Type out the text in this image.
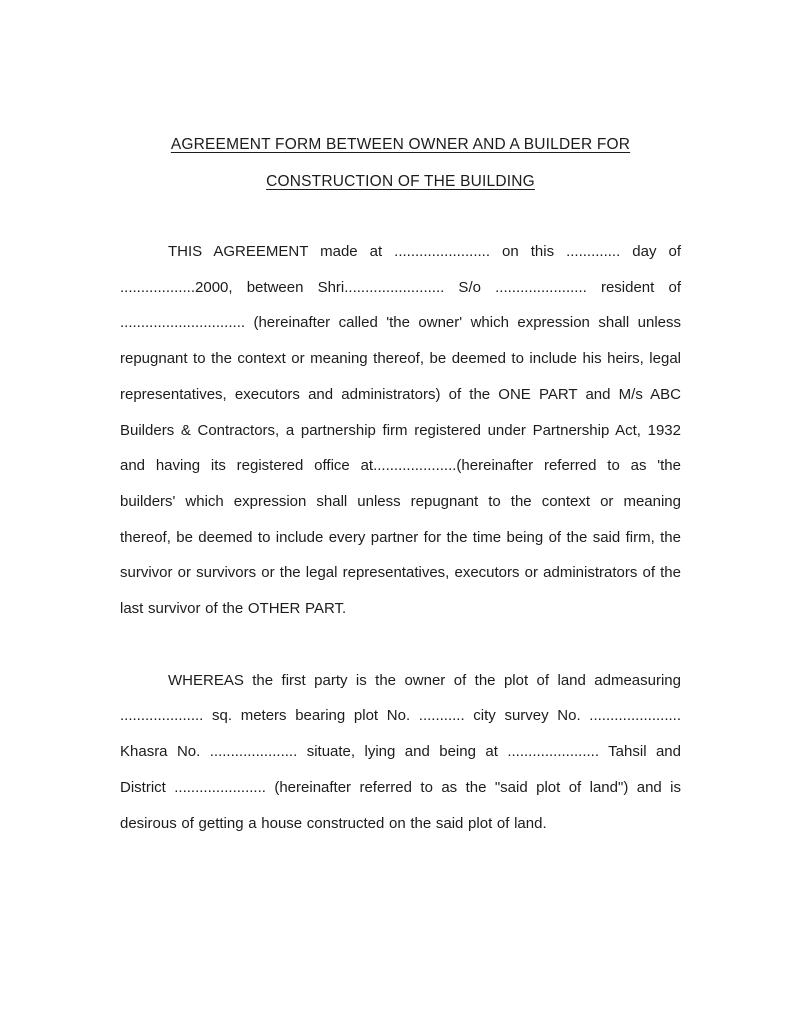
AGREEMENT FORM BETWEEN OWNER AND A BUILDER FOR
CONSTRUCTION OF THE BUILDING

THIS AGREEMENT made at ....................... on this ............. day of ..................2000, between Shri........................ S/o ...................... resident of .............................. (hereinafter called 'the owner' which expression shall unless repugnant to the context or meaning thereof, be deemed to include his heirs, legal representatives, executors and administrators) of the ONE PART and M/s ABC Builders & Contractors, a partnership firm registered under Partnership Act, 1932 and having its registered office at....................(hereinafter referred to as 'the builders' which expression shall unless repugnant to the context or meaning thereof, be deemed to include every partner for the time being of the said firm, the survivor or survivors or the legal representatives, executors or administrators of the last survivor of the OTHER PART.

WHEREAS the first party is the owner of the plot of land admeasuring .................... sq. meters bearing plot No. ........... city survey No. ...................... Khasra No. ..................... situate, lying and being at ...................... Tahsil and District ...................... (hereinafter referred to as the "said plot of land") and is desirous of getting a house constructed on the said plot of land.
